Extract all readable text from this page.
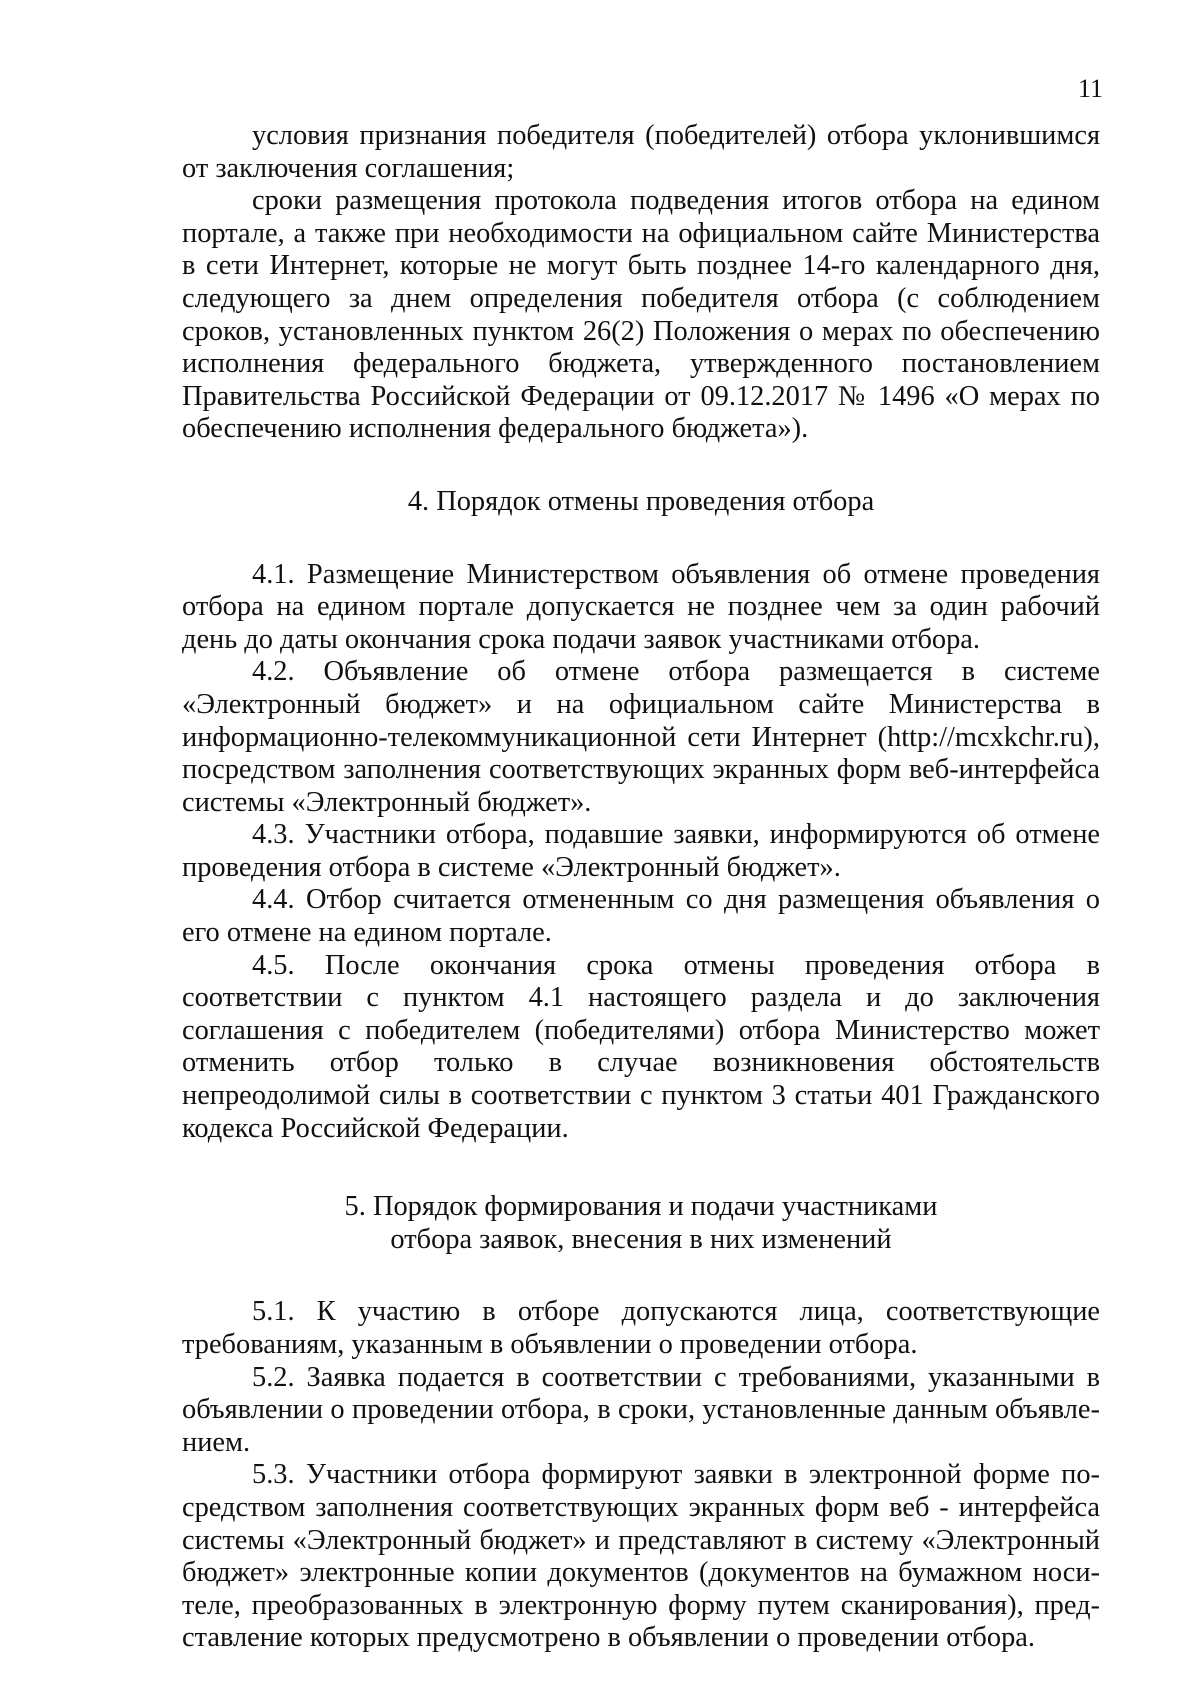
11

условия признания победителя (победителей) отбора уклонившимся от заключения соглашения;

сроки размещения протокола подведения итогов отбора на едином портале, а также при необходимости на официальном сайте Министерства в сети Интернет, которые не могут быть позднее 14-го календарного дня, следующего за днем определения победителя отбора (с соблюдением сроков, установленных пунктом 26(2) Положения о мерах по обеспечению исполнения федерального бюджета, утвержденного постановлением Правительства Российской Федерации от 09.12.2017 № 1496 «О мерах по обеспечению исполнения федерального бюджета»).

4. Порядок отмены проведения отбора

4.1. Размещение Министерством объявления об отмене проведения отбора на едином портале допускается не позднее чем за один рабочий день до даты окончания срока подачи заявок участниками отбора.

4.2. Объявление об отмене отбора размещается в системе «Электронный бюджет» и на официальном сайте Министерства в информационно-телекоммуникационной сети Интернет (http://mcxkchr.ru), посредством заполнения соответствующих экранных форм веб-интерфейса системы «Электронный бюджет».

4.3. Участники отбора, подавшие заявки, информируются об отмене проведения отбора в системе «Электронный бюджет».

4.4. Отбор считается отмененным со дня размещения объявления о его отмене на едином портале.

4.5. После окончания срока отмены проведения отбора в соответствии с пунктом 4.1 настоящего раздела и до заключения соглашения с победителем (победителями) отбора Министерство может отменить отбор только в случае возникновения обстоятельств непреодолимой силы в соответствии с пунктом 3 статьи 401 Гражданского кодекса Российской Федерации.

5. Порядок формирования и подачи участниками
отбора заявок, внесения в них изменений

5.1. К участию в отборе допускаются лица, соответствующие требованиям, указанным в объявлении о проведении отбора.

5.2. Заявка подается в соответствии с требованиями, указанными в объявлении о проведении отбора, в сроки, установленные данным объявлением.

5.3. Участники отбора формируют заявки в электронной форме посредством заполнения соответствующих экранных форм веб - интерфейса системы «Электронный бюджет» и представляют в систему «Электронный бюджет» электронные копии документов (документов на бумажном носителе, преобразованных в электронную форму путем сканирования), представление которых предусмотрено в объявлении о проведении отбора.
